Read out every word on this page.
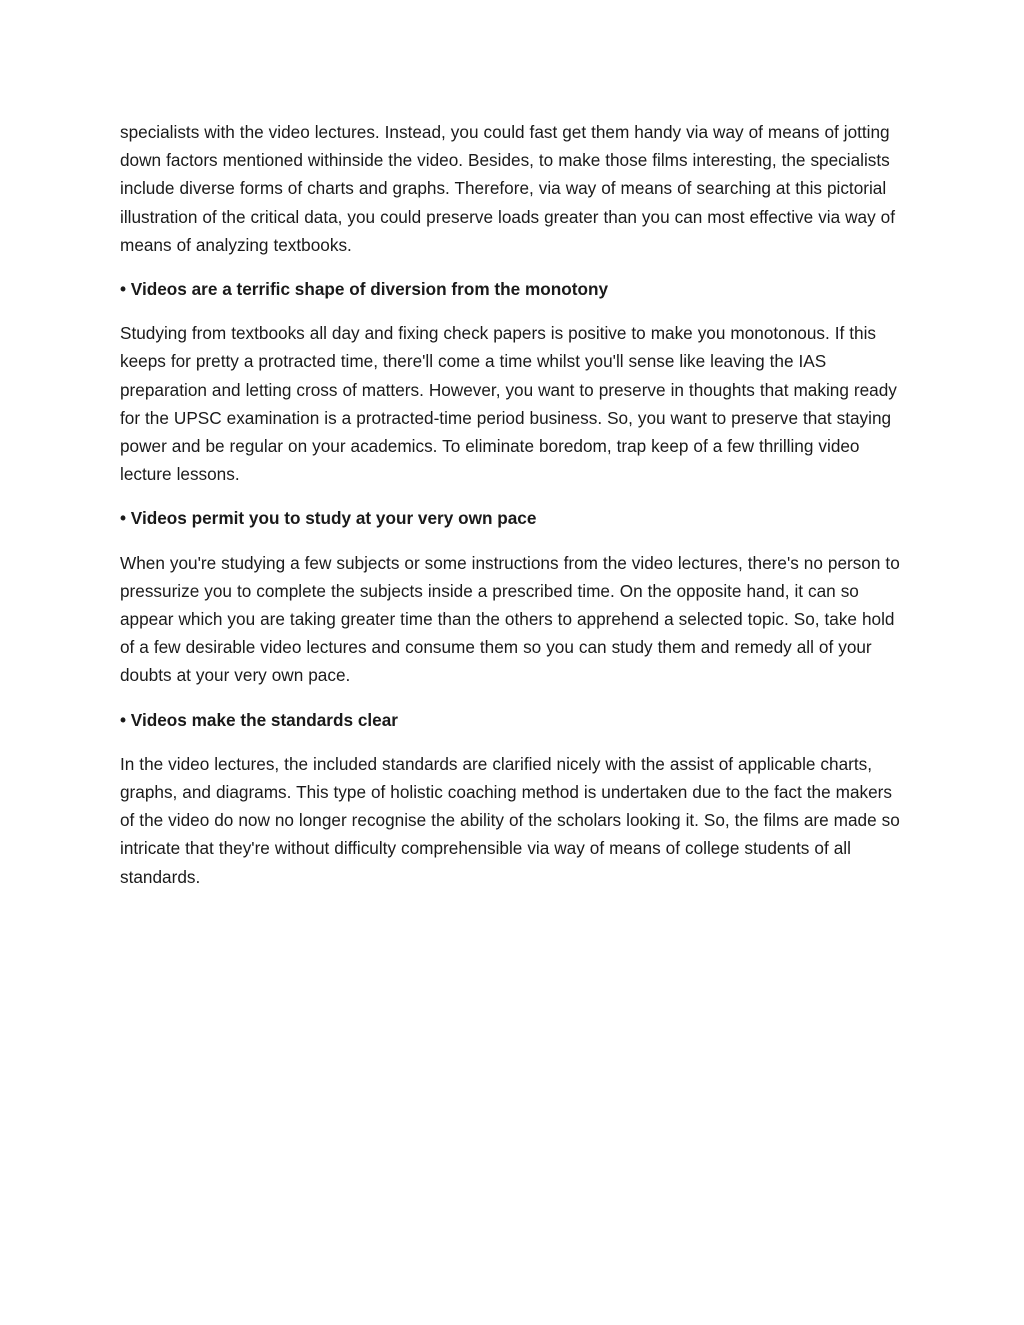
specialists with the video lectures. Instead, you could fast get them handy via way of means of jotting down factors mentioned withinside the video. Besides, to make those films interesting, the specialists include diverse forms of charts and graphs. Therefore, via way of means of searching at this pictorial illustration of the critical data, you could preserve loads greater than you can most effective via way of means of analyzing textbooks.

• Videos are a terrific shape of diversion from the monotony

Studying from textbooks all day and fixing check papers is positive to make you monotonous. If this keeps for pretty a protracted time, there'll come a time whilst you'll sense like leaving the IAS preparation and letting cross of matters. However, you want to preserve in thoughts that making ready for the UPSC examination is a protracted-time period business. So, you want to preserve that staying power and be regular on your academics. To eliminate boredom, trap keep of a few thrilling video lecture lessons.

• Videos permit you to study at your very own pace

When you're studying a few subjects or some instructions from the video lectures, there's no person to pressurize you to complete the subjects inside a prescribed time. On the opposite hand, it can so appear which you are taking greater time than the others to apprehend a selected topic. So, take hold of a few desirable video lectures and consume them so you can study them and remedy all of your doubts at your very own pace.

• Videos make the standards clear

In the video lectures, the included standards are clarified nicely with the assist of applicable charts, graphs, and diagrams. This type of holistic coaching method is undertaken due to the fact the makers of the video do now no longer recognise the ability of the scholars looking it. So, the films are made so intricate that they're without difficulty comprehensible via way of means of college students of all standards.
